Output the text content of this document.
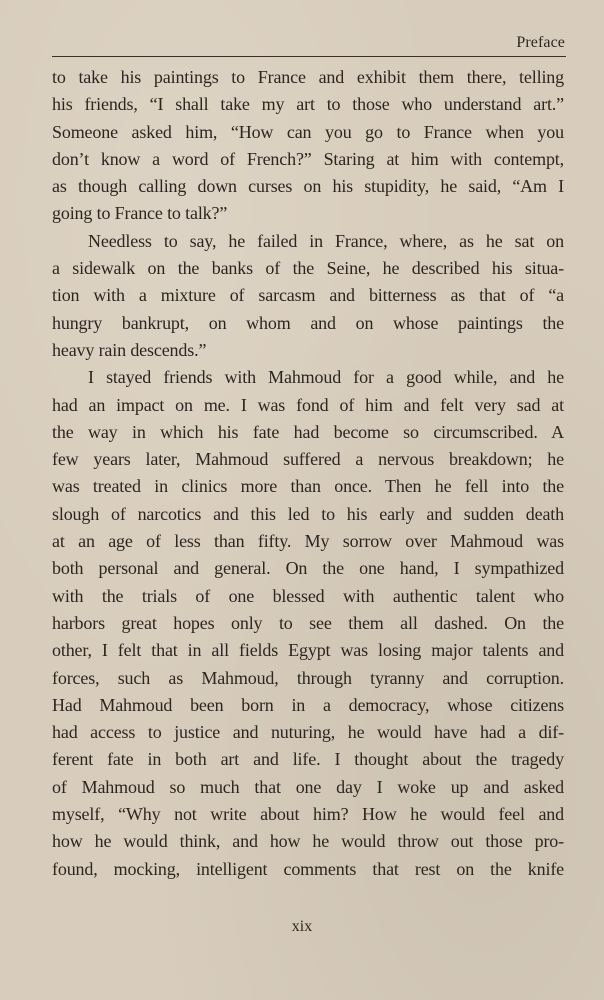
Preface
to take his paintings to France and exhibit them there, telling
his friends, “I shall take my art to those who understand art.”
Someone asked him, “How can you go to France when you
don’t know a word of French?” Staring at him with contempt,
as though calling down curses on his stupidity, he said, “Am I
going to France to talk?”
Needless to say, he failed in France, where, as he sat on
a sidewalk on the banks of the Seine, he described his situa-
tion with a mixture of sarcasm and bitterness as that of “a
hungry bankrupt, on whom and on whose paintings the
heavy rain descends.”
I stayed friends with Mahmoud for a good while, and he
had an impact on me. I was fond of him and felt very sad at
the way in which his fate had become so circumscribed. A
few years later, Mahmoud suffered a nervous breakdown; he
was treated in clinics more than once. Then he fell into the
slough of narcotics and this led to his early and sudden death
at an age of less than fifty. My sorrow over Mahmoud was
both personal and general. On the one hand, I sympathized
with the trials of one blessed with authentic talent who
harbors great hopes only to see them all dashed. On the
other, I felt that in all fields Egypt was losing major talents and
forces, such as Mahmoud, through tyranny and corruption.
Had Mahmoud been born in a democracy, whose citizens
had access to justice and nuturing, he would have had a dif-
ferent fate in both art and life. I thought about the tragedy
of Mahmoud so much that one day I woke up and asked
myself, “Why not write about him? How he would feel and
how he would think, and how he would throw out those pro-
found, mocking, intelligent comments that rest on the knife
xix
